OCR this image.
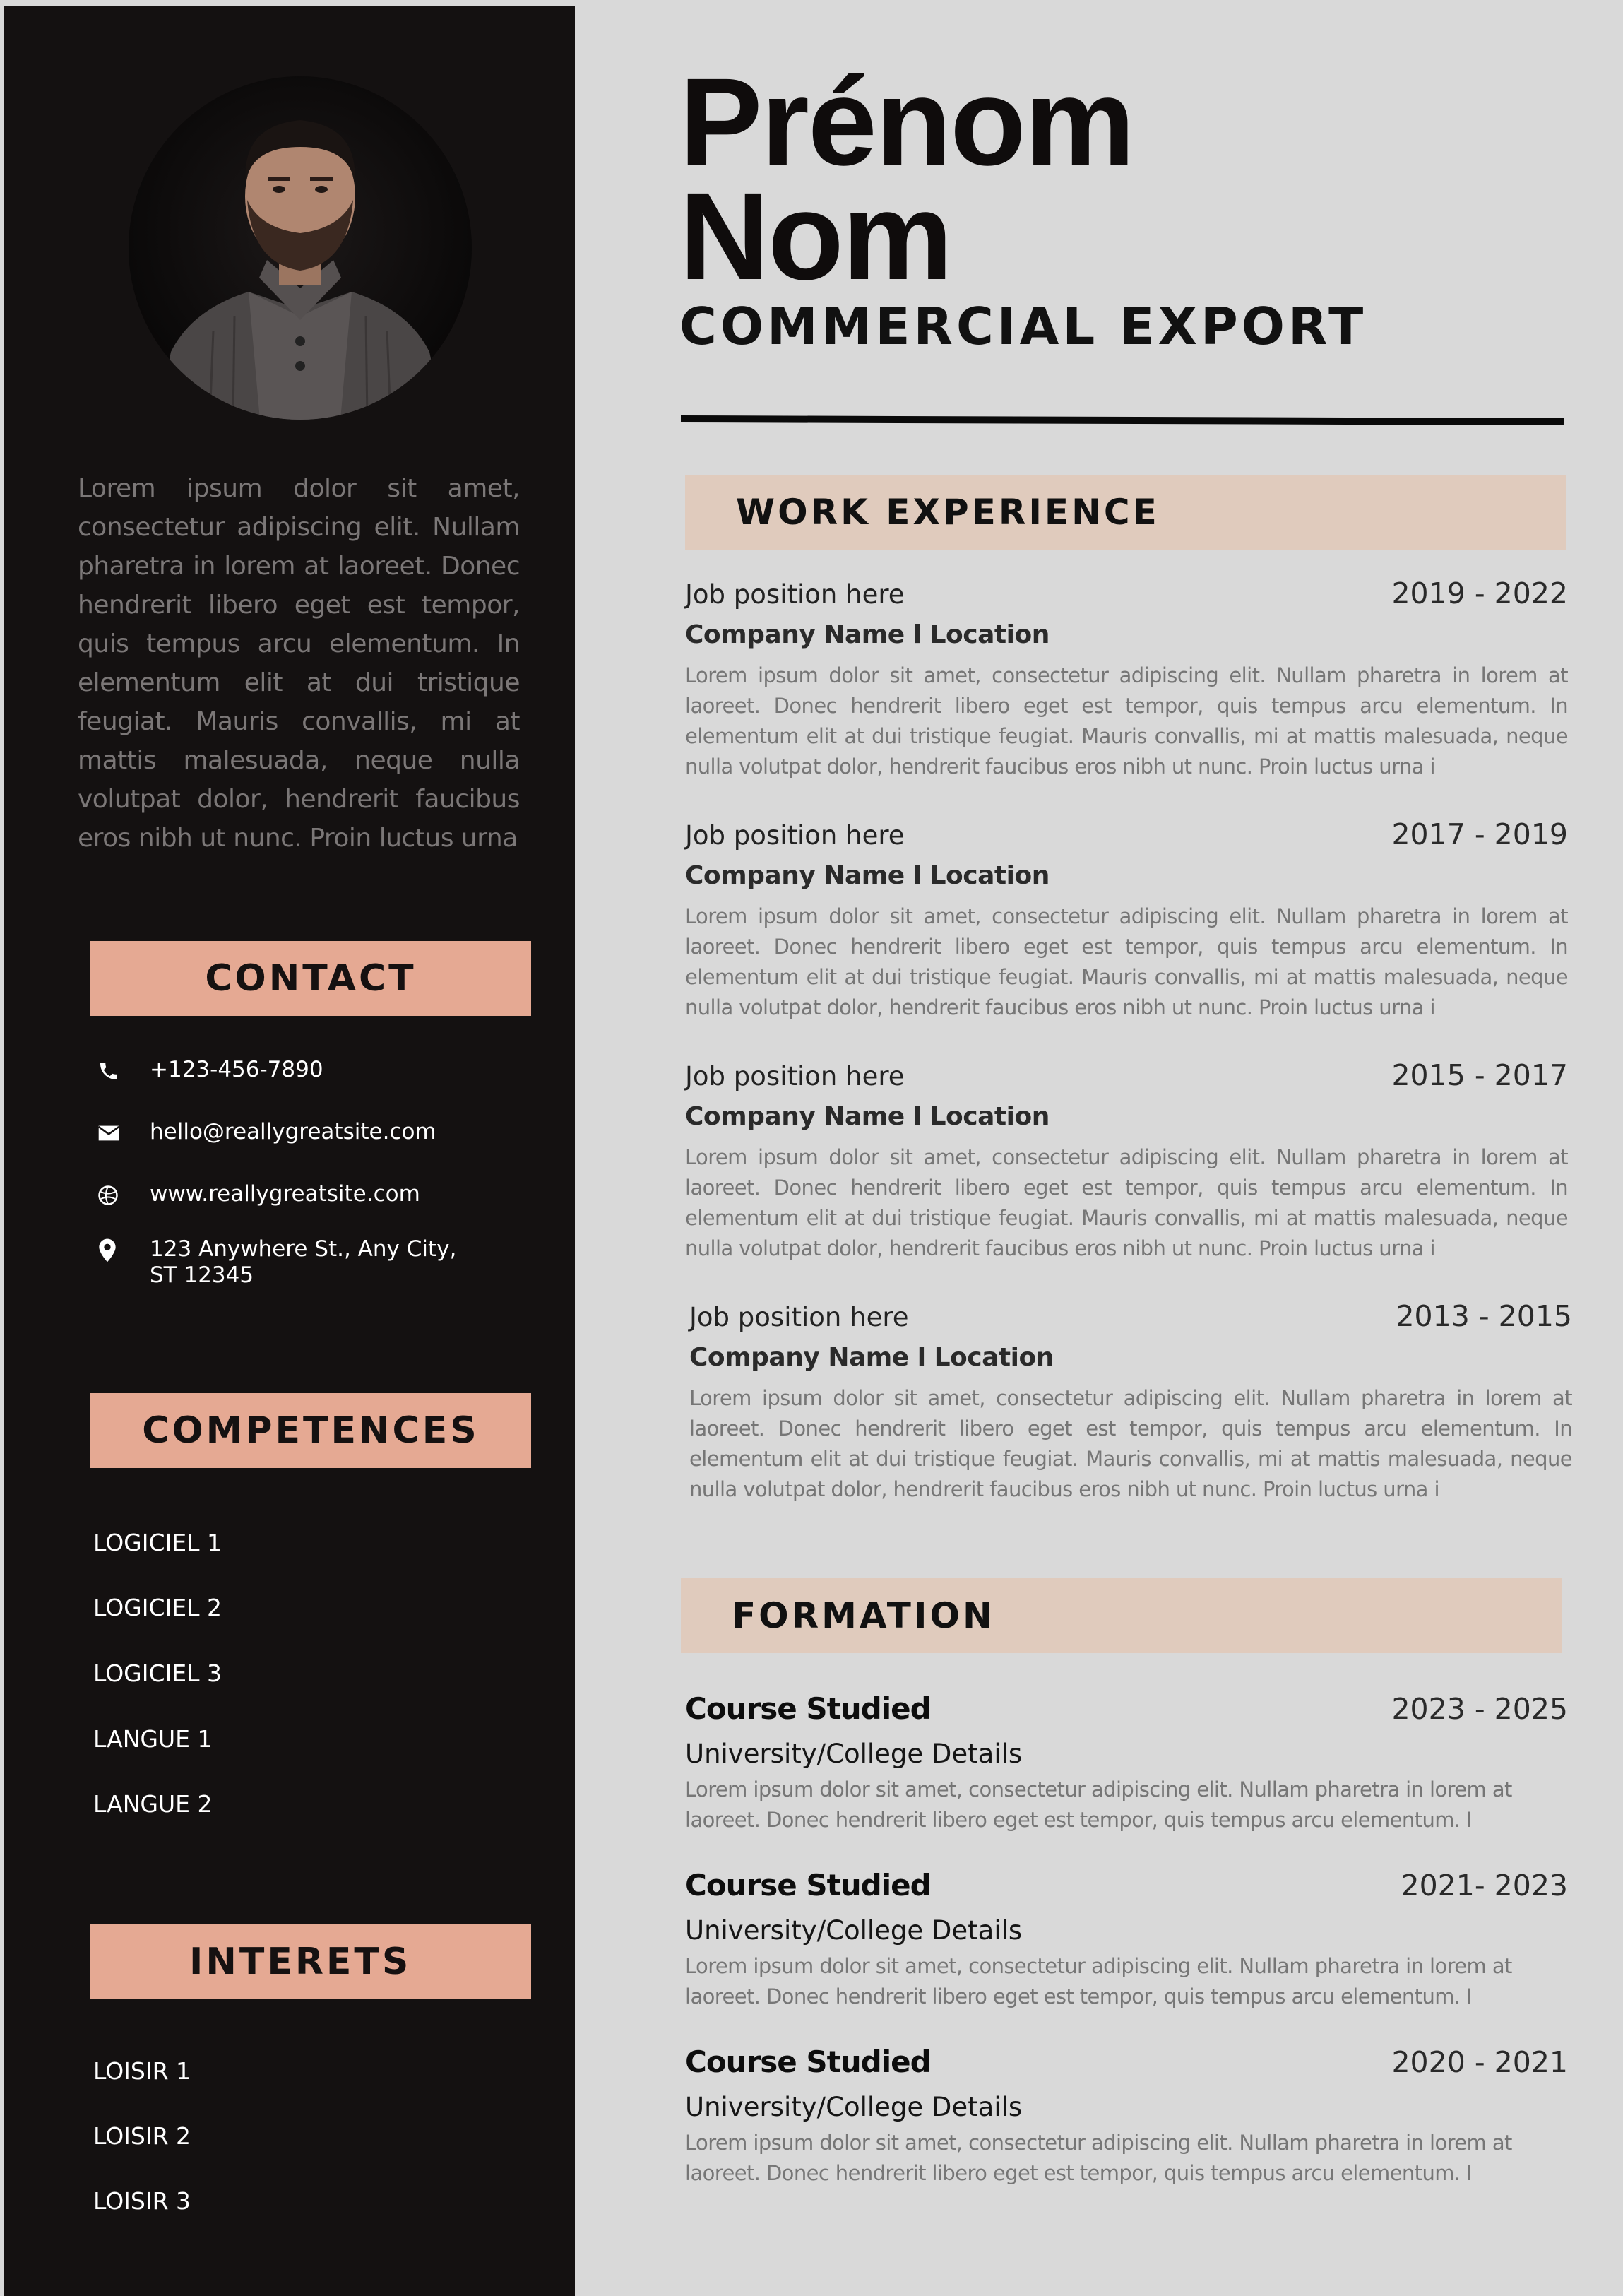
Lorem ipsum dolor sit amet, consectetur adipiscing elit. Nullam pharetra in lorem at laoreet. Donec hendrerit libero eget est tempor, quis tempus arcu elementum. In elementum elit at dui tristique feugiat. Mauris convallis, mi at mattis malesuada, neque nulla volutpat dolor, hendrerit faucibus eros nibh ut nunc. Proin luctus urna
CONTACT
+123-456-7890
hello@reallygreatsite.com
www.reallygreatsite.com
123 Anywhere St., Any City,
ST 12345
COMPETENCES
LOGICIEL 1
LOGICIEL 2
LOGICIEL 3
LANGUE 1
LANGUE 2
INTERETS
LOISIR 1
LOISIR 2
LOISIR 3
Prénom
Nom
COMMERCIAL EXPORT
WORK EXPERIENCE
Job position here	2019 - 2022
Company Name l Location
Lorem ipsum dolor sit amet, consectetur adipiscing elit. Nullam pharetra in lorem at laoreet. Donec hendrerit libero eget est tempor, quis tempus arcu elementum. In elementum elit at dui tristique feugiat. Mauris convallis, mi at mattis malesuada, neque nulla volutpat dolor, hendrerit faucibus eros nibh ut nunc. Proin luctus urna i
Job position here	2017 - 2019
Company Name l Location
Lorem ipsum dolor sit amet, consectetur adipiscing elit. Nullam pharetra in lorem at laoreet. Donec hendrerit libero eget est tempor, quis tempus arcu elementum. In elementum elit at dui tristique feugiat. Mauris convallis, mi at mattis malesuada, neque nulla volutpat dolor, hendrerit faucibus eros nibh ut nunc. Proin luctus urna i
Job position here	2015 - 2017
Company Name l Location
Lorem ipsum dolor sit amet, consectetur adipiscing elit. Nullam pharetra in lorem at laoreet. Donec hendrerit libero eget est tempor, quis tempus arcu elementum. In elementum elit at dui tristique feugiat. Mauris convallis, mi at mattis malesuada, neque nulla volutpat dolor, hendrerit faucibus eros nibh ut nunc. Proin luctus urna i
Job position here	2013 - 2015
Company Name l Location
Lorem ipsum dolor sit amet, consectetur adipiscing elit. Nullam pharetra in lorem at laoreet. Donec hendrerit libero eget est tempor, quis tempus arcu elementum. In elementum elit at dui tristique feugiat. Mauris convallis, mi at mattis malesuada, neque nulla volutpat dolor, hendrerit faucibus eros nibh ut nunc. Proin luctus urna i
FORMATION
Course Studied	2023 - 2025
University/College Details
Lorem ipsum dolor sit amet, consectetur adipiscing elit. Nullam pharetra in lorem at laoreet. Donec hendrerit libero eget est tempor, quis tempus arcu elementum. I
Course Studied	2021- 2023
University/College Details
Lorem ipsum dolor sit amet, consectetur adipiscing elit. Nullam pharetra in lorem at laoreet. Donec hendrerit libero eget est tempor, quis tempus arcu elementum. I
Course Studied	2020 - 2021
University/College Details
Lorem ipsum dolor sit amet, consectetur adipiscing elit. Nullam pharetra in lorem at laoreet. Donec hendrerit libero eget est tempor, quis tempus arcu elementum. I
